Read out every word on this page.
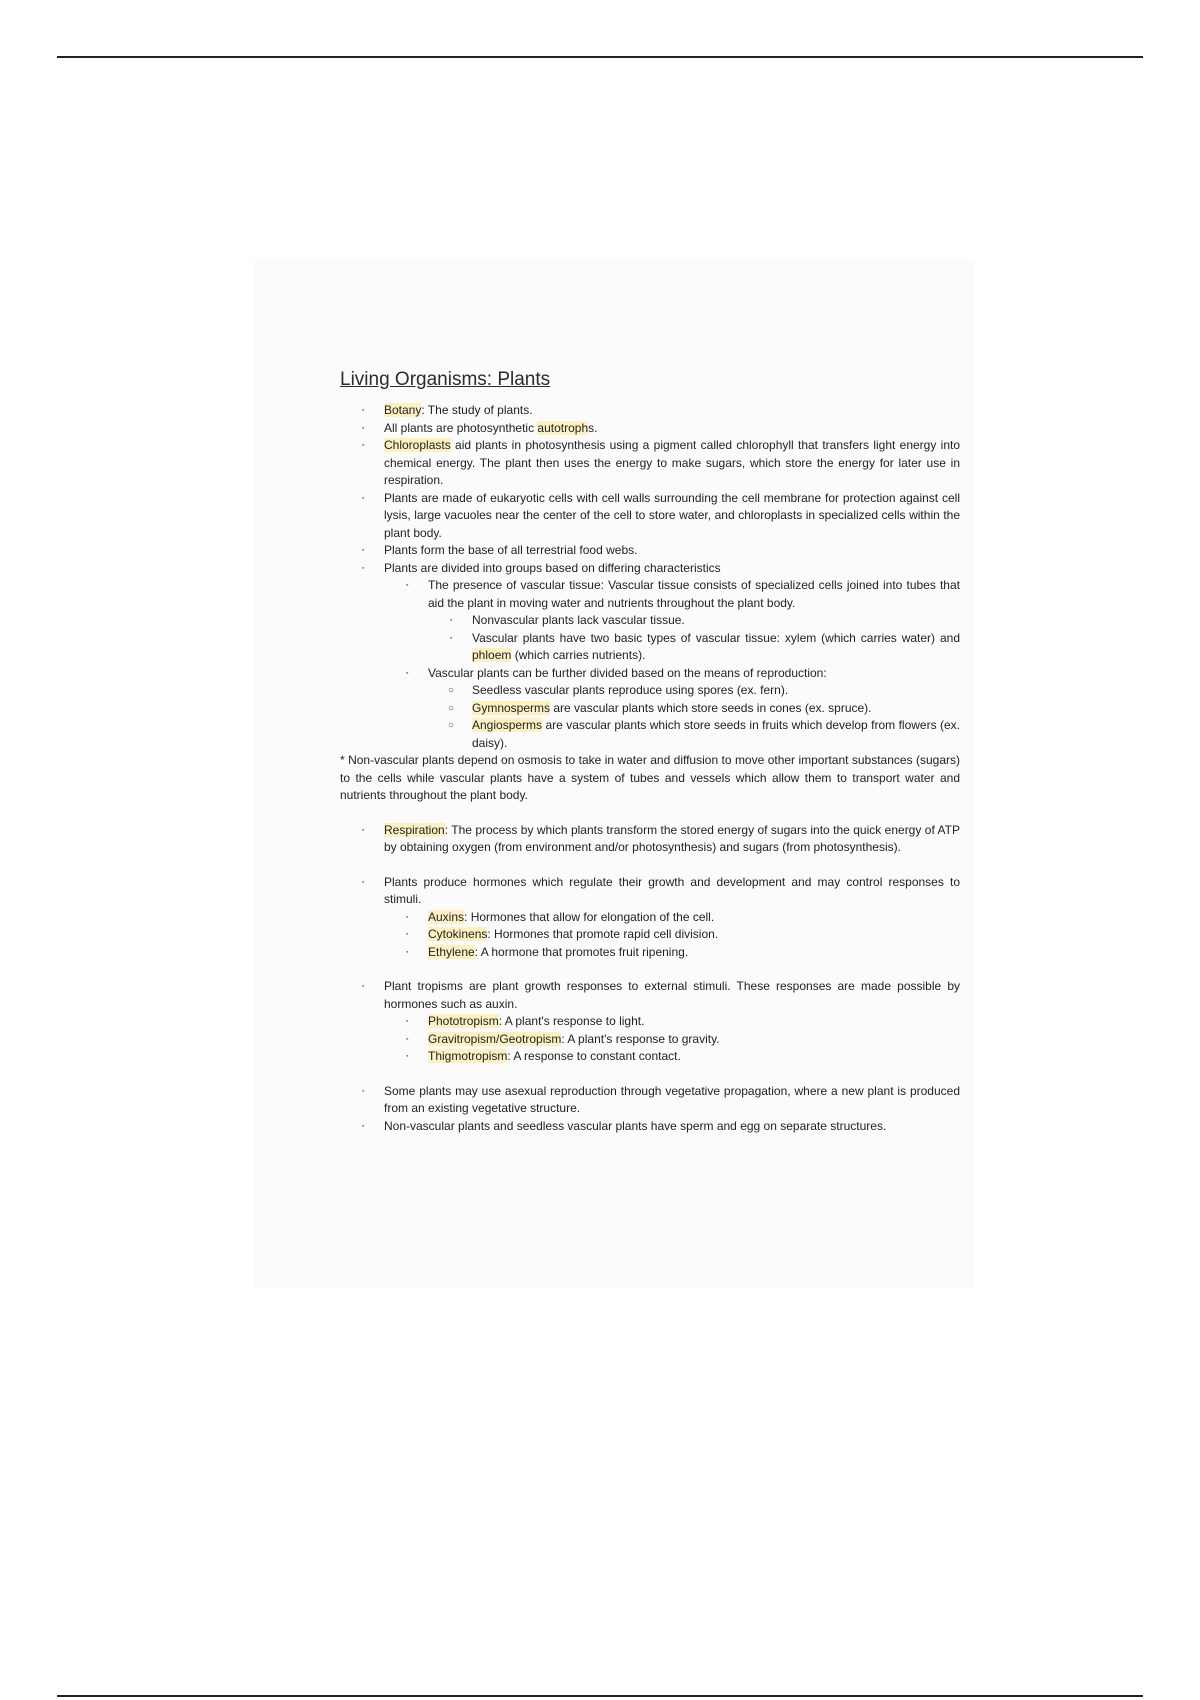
Living Organisms: Plants
▪ Botany: The study of plants.
▪ All plants are photosynthetic autotrophs.
▪ Chloroplasts aid plants in photosynthesis using a pigment called chlorophyll that transfers light energy into chemical energy. The plant then uses the energy to make sugars, which store the energy for later use in respiration.
▪ Plants are made of eukaryotic cells with cell walls surrounding the cell membrane for protection against cell lysis, large vacuoles near the center of the cell to store water, and chloroplasts in specialized cells within the plant body.
▪ Plants form the base of all terrestrial food webs.
▪ Plants are divided into groups based on differing characteristics
▪ The presence of vascular tissue: Vascular tissue consists of specialized cells joined into tubes that aid the plant in moving water and nutrients throughout the plant body.
▪ Nonvascular plants lack vascular tissue.
▪ Vascular plants have two basic types of vascular tissue: xylem (which carries water) and phloem (which carries nutrients).
▪ Vascular plants can be further divided based on the means of reproduction:
○ Seedless vascular plants reproduce using spores (ex. fern).
○ Gymnosperms are vascular plants which store seeds in cones (ex. spruce).
○ Angiosperms are vascular plants which store seeds in fruits which develop from flowers (ex. daisy).
* Non-vascular plants depend on osmosis to take in water and diffusion to move other important substances (sugars) to the cells while vascular plants have a system of tubes and vessels which allow them to transport water and nutrients throughout the plant body.
▪ Respiration: The process by which plants transform the stored energy of sugars into the quick energy of ATP by obtaining oxygen (from environment and/or photosynthesis) and sugars (from photosynthesis).
▪ Plants produce hormones which regulate their growth and development and may control responses to stimuli.
▪ Auxins: Hormones that allow for elongation of the cell.
▪ Cytokinens: Hormones that promote rapid cell division.
▪ Ethylene: A hormone that promotes fruit ripening.
▪ Plant tropisms are plant growth responses to external stimuli. These responses are made possible by hormones such as auxin.
▪ Phototropism: A plant's response to light.
▪ Gravitropism/Geotropism: A plant's response to gravity.
▪ Thigmotropism: A response to constant contact.
▪ Some plants may use asexual reproduction through vegetative propagation, where a new plant is produced from an existing vegetative structure.
▪ Non-vascular plants and seedless vascular plants have sperm and egg on separate structures.
